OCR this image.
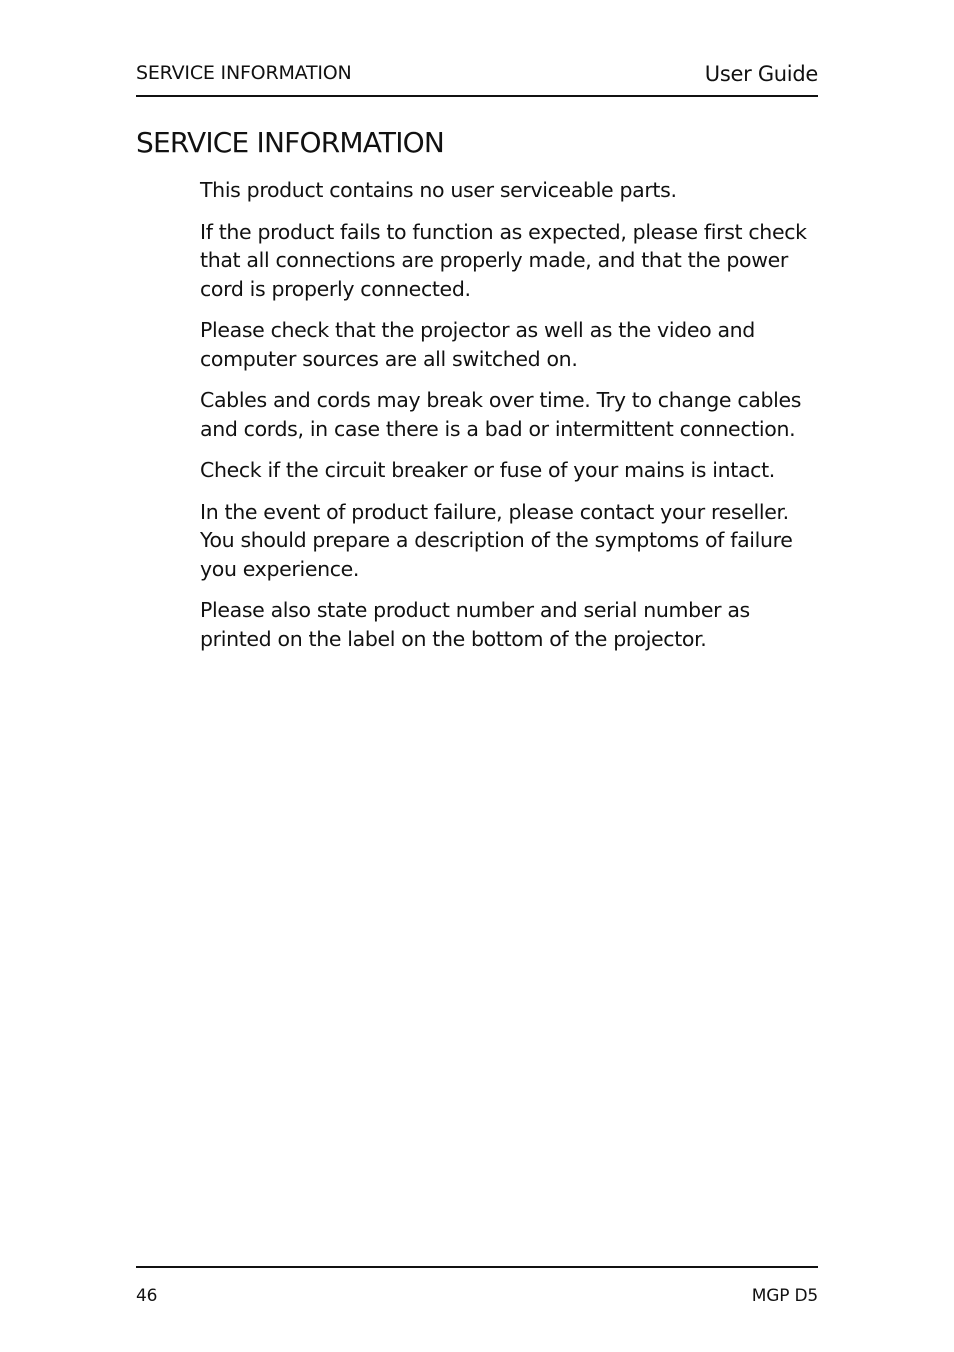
SERVICE INFORMATION	User Guide
SERVICE INFORMATION

This product contains no user serviceable parts.

If the product fails to function as expected, please first check that all connections are properly made, and that the power cord is properly connected.

Please check that the projector as well as the video and computer sources are all switched on.

Cables and cords may break over time. Try to change cables and cords, in case there is a bad or intermittent connection.

Check if the circuit breaker or fuse of your mains is intact.

In the event of product failure, please contact your reseller. You should prepare a description of the symptoms of failure you experience.

Please also state product number and serial number as printed on the label on the bottom of the projector.

46	MGP D5
